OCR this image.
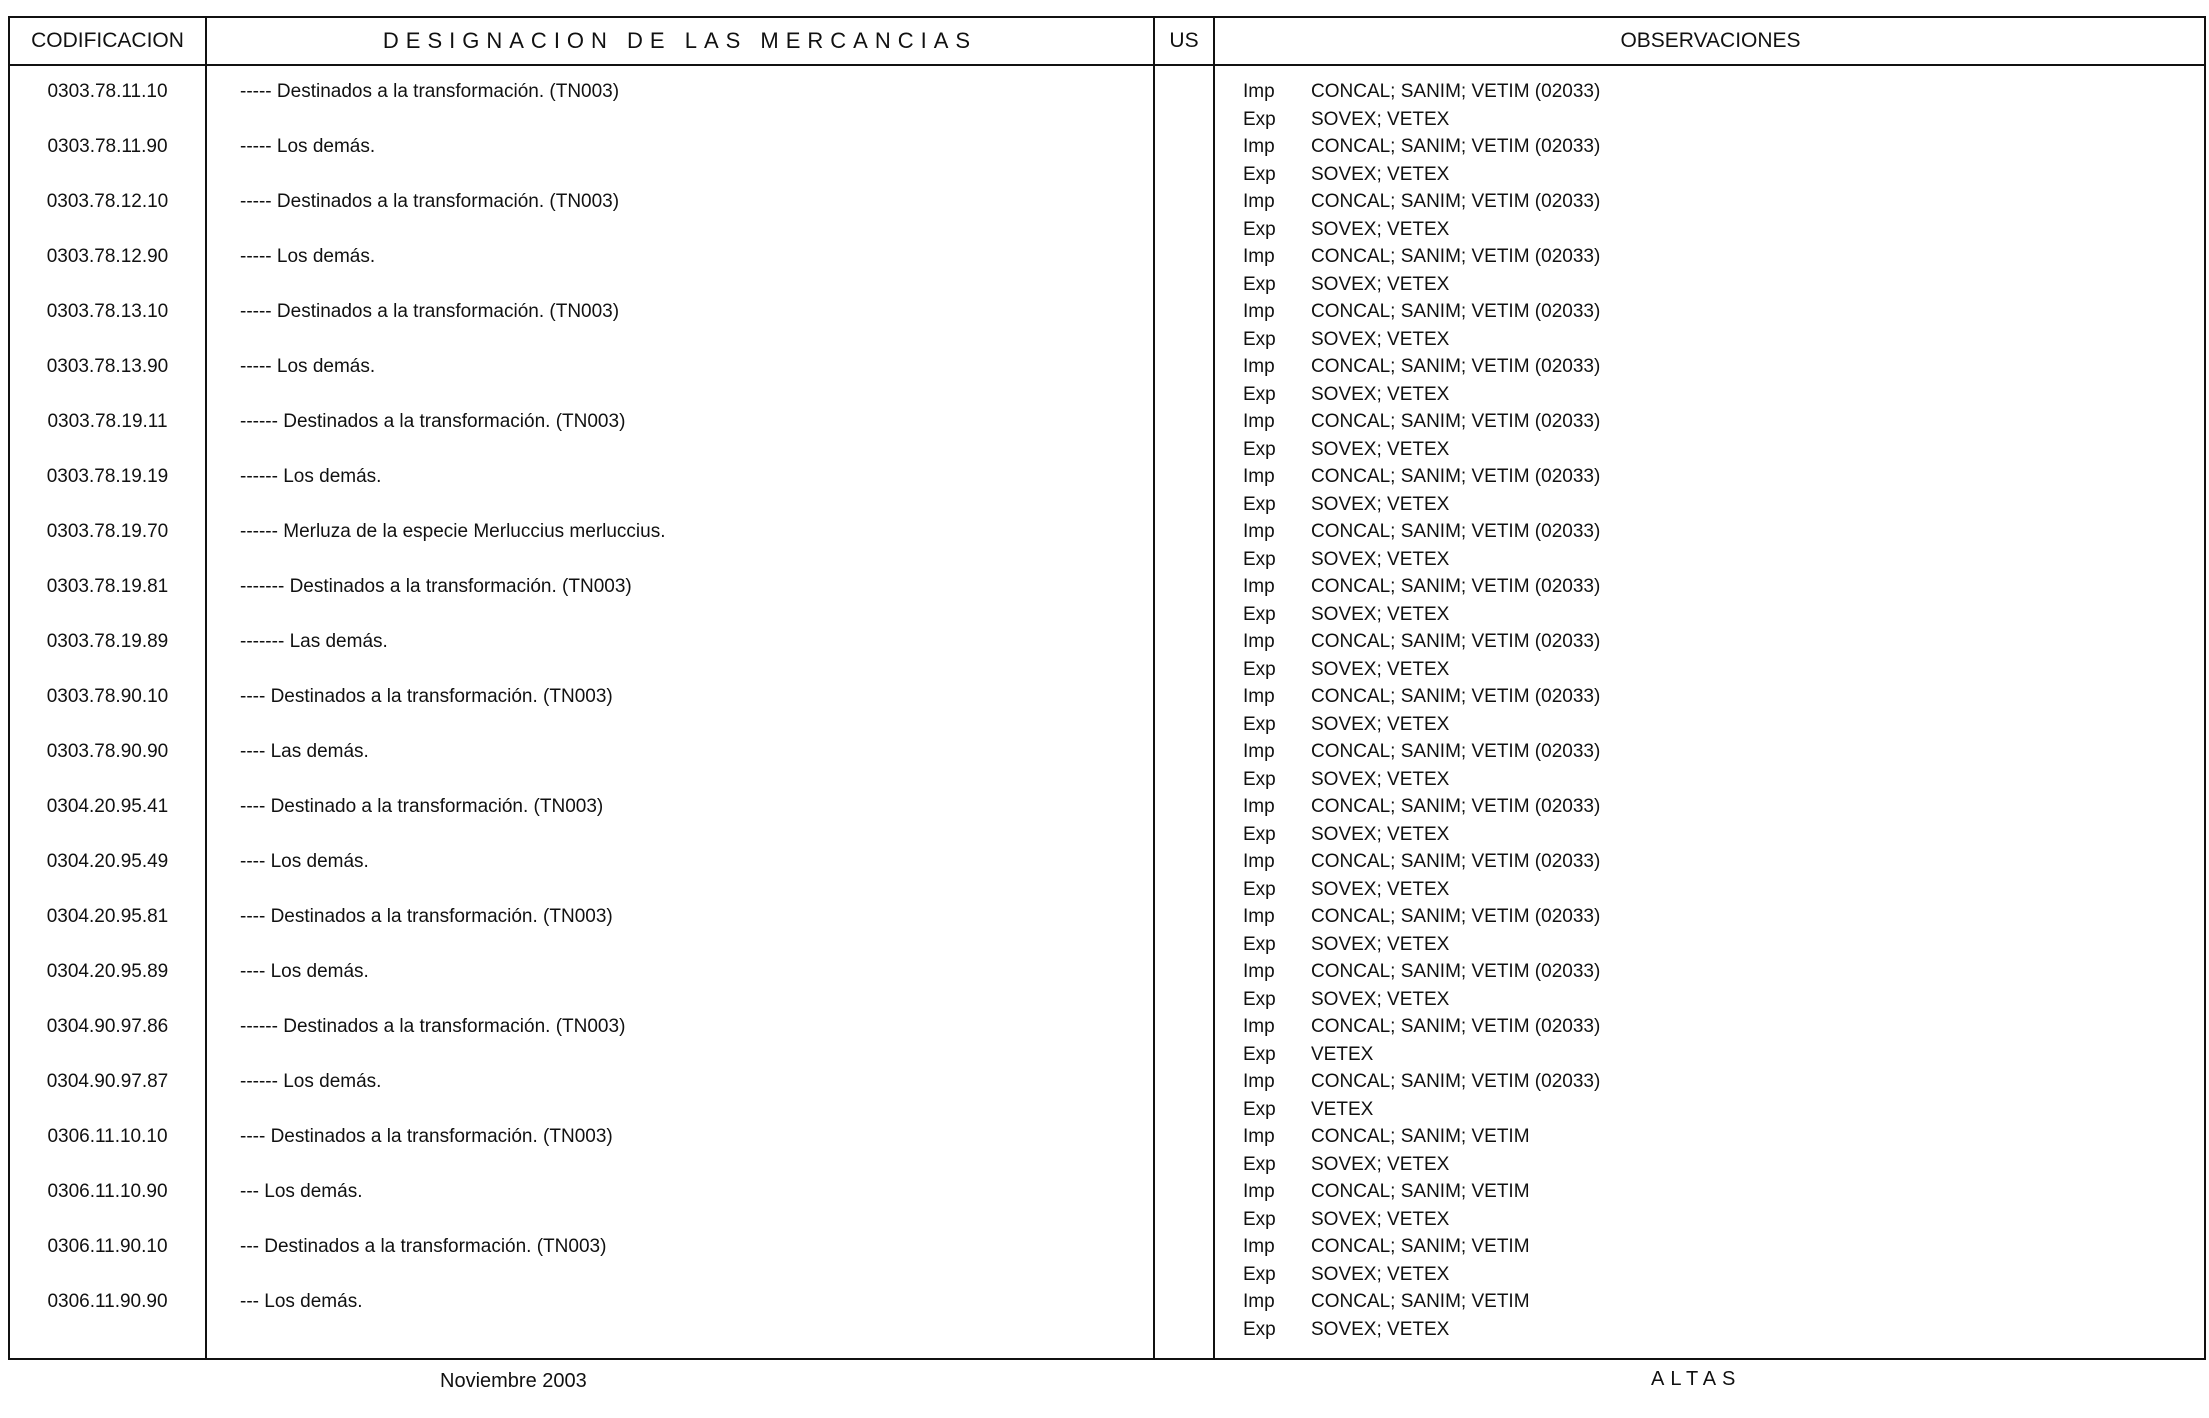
CODIFICACION	DESIGNACION DE LAS MERCANCIAS	US	OBSERVACIONES
0303.78.11.10	----- Destinados a la transformación. (TN003)	Imp	CONCAL; SANIM; VETIM (02033)
Exp	SOVEX; VETEX
0303.78.11.90	----- Los demás.	Imp	CONCAL; SANIM; VETIM (02033)
Exp	SOVEX; VETEX
0303.78.12.10	----- Destinados a la transformación. (TN003)	Imp	CONCAL; SANIM; VETIM (02033)
Exp	SOVEX; VETEX
0303.78.12.90	----- Los demás.	Imp	CONCAL; SANIM; VETIM (02033)
Exp	SOVEX; VETEX
0303.78.13.10	----- Destinados a la transformación. (TN003)	Imp	CONCAL; SANIM; VETIM (02033)
Exp	SOVEX; VETEX
0303.78.13.90	----- Los demás.	Imp	CONCAL; SANIM; VETIM (02033)
Exp	SOVEX; VETEX
0303.78.19.11	------ Destinados a la transformación. (TN003)	Imp	CONCAL; SANIM; VETIM (02033)
Exp	SOVEX; VETEX
0303.78.19.19	------ Los demás.	Imp	CONCAL; SANIM; VETIM (02033)
Exp	SOVEX; VETEX
0303.78.19.70	------ Merluza de la especie Merluccius merluccius.	Imp	CONCAL; SANIM; VETIM (02033)
Exp	SOVEX; VETEX
0303.78.19.81	------- Destinados a la transformación. (TN003)	Imp	CONCAL; SANIM; VETIM (02033)
Exp	SOVEX; VETEX
0303.78.19.89	------- Las demás.	Imp	CONCAL; SANIM; VETIM (02033)
Exp	SOVEX; VETEX
0303.78.90.10	---- Destinados a la transformación. (TN003)	Imp	CONCAL; SANIM; VETIM (02033)
Exp	SOVEX; VETEX
0303.78.90.90	---- Las demás.	Imp	CONCAL; SANIM; VETIM (02033)
Exp	SOVEX; VETEX
0304.20.95.41	---- Destinado a la transformación. (TN003)	Imp	CONCAL; SANIM; VETIM (02033)
Exp	SOVEX; VETEX
0304.20.95.49	---- Los demás.	Imp	CONCAL; SANIM; VETIM (02033)
Exp	SOVEX; VETEX
0304.20.95.81	---- Destinados a la transformación. (TN003)	Imp	CONCAL; SANIM; VETIM (02033)
Exp	SOVEX; VETEX
0304.20.95.89	---- Los demás.	Imp	CONCAL; SANIM; VETIM (02033)
Exp	SOVEX; VETEX
0304.90.97.86	------ Destinados a la transformación. (TN003)	Imp	CONCAL; SANIM; VETIM (02033)
Exp	VETEX
0304.90.97.87	------ Los demás.	Imp	CONCAL; SANIM; VETIM (02033)
Exp	VETEX
0306.11.10.10	---- Destinados a la transformación. (TN003)	Imp	CONCAL; SANIM; VETIM
Exp	SOVEX; VETEX
0306.11.10.90	--- Los demás.	Imp	CONCAL; SANIM; VETIM
Exp	SOVEX; VETEX
0306.11.90.10	--- Destinados a la transformación. (TN003)	Imp	CONCAL; SANIM; VETIM
Exp	SOVEX; VETEX
0306.11.90.90	--- Los demás.	Imp	CONCAL; SANIM; VETIM
Exp	SOVEX; VETEX
Noviembre 2003	ALTAS
